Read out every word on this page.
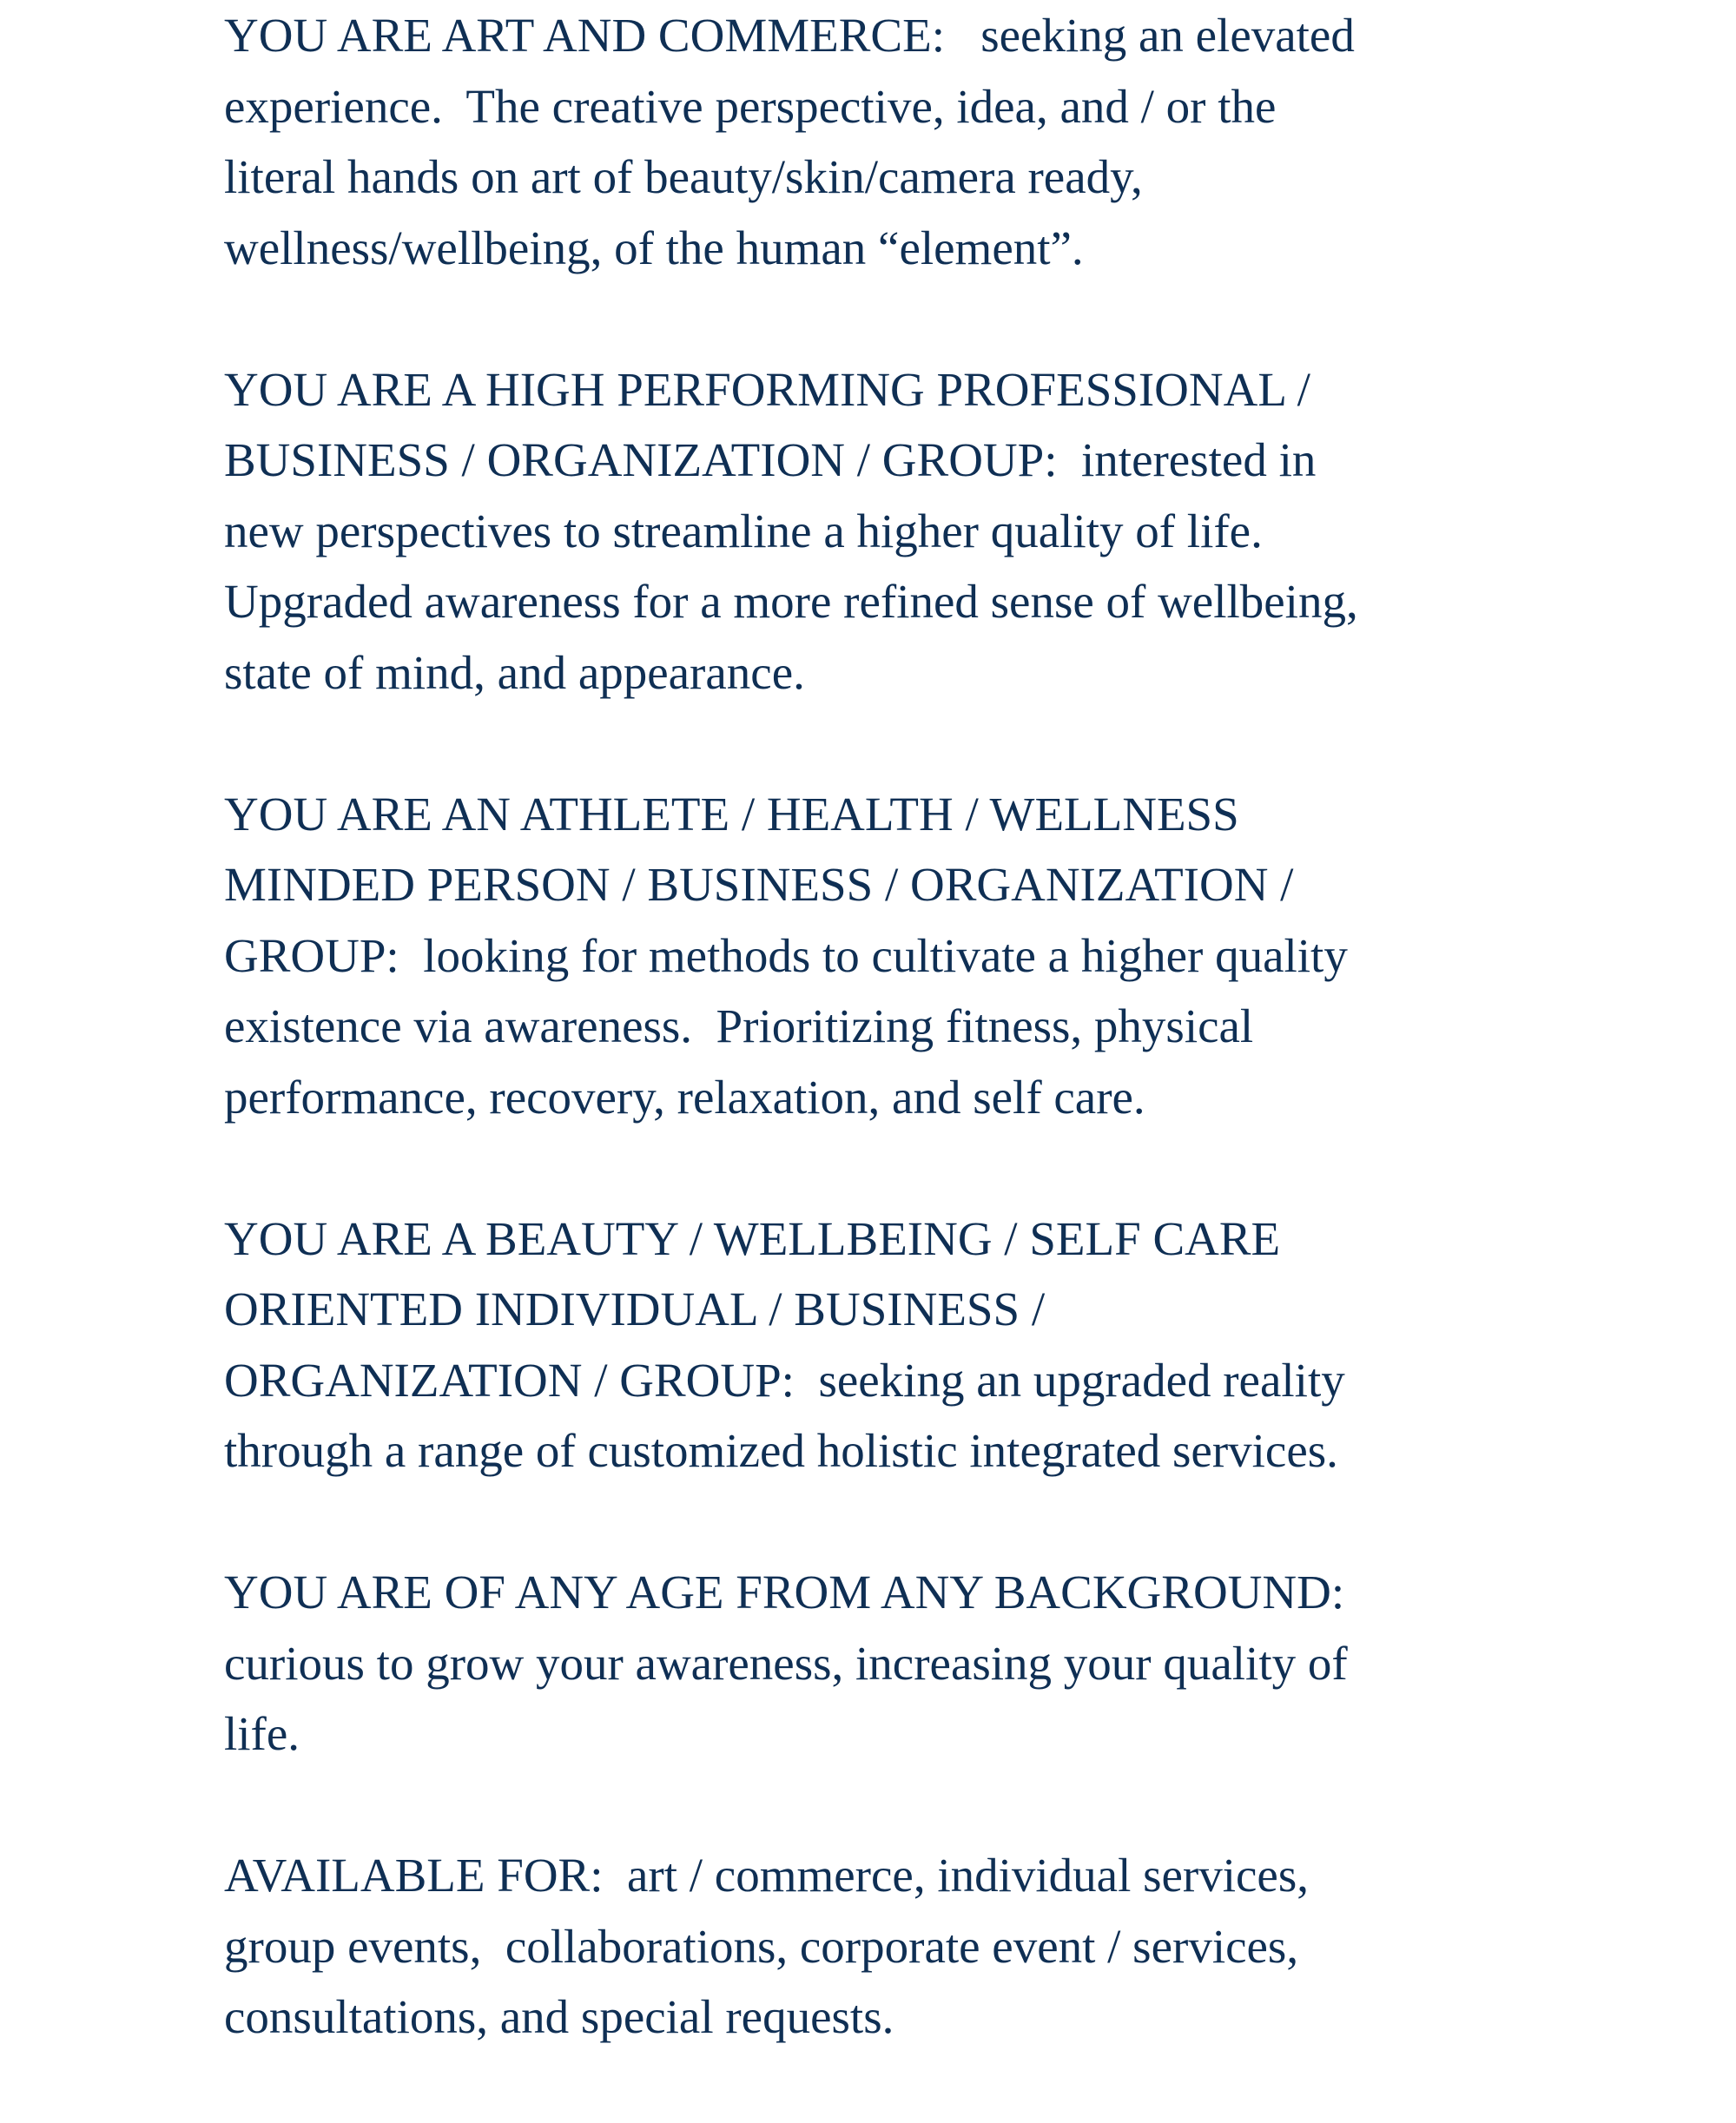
YOU ARE ART AND COMMERCE:   seeking an elevated
experience.  The creative perspective, idea, and / or the
literal hands on art of beauty/skin/camera ready,
wellness/wellbeing, of the human “element”.
YOU ARE A HIGH PERFORMING PROFESSIONAL /
BUSINESS / ORGANIZATION / GROUP:  interested in
new perspectives to streamline a higher quality of life.
Upgraded awareness for a more refined sense of wellbeing,
state of mind, and appearance.
YOU ARE AN ATHLETE / HEALTH / WELLNESS
MINDED PERSON / BUSINESS / ORGANIZATION /
GROUP:  looking for methods to cultivate a higher quality
existence via awareness.  Prioritizing fitness, physical
performance, recovery, relaxation, and self care.
YOU ARE A BEAUTY / WELLBEING / SELF CARE
ORIENTED INDIVIDUAL / BUSINESS /
ORGANIZATION / GROUP:  seeking an upgraded reality
through a range of customized holistic integrated services.
YOU ARE OF ANY AGE FROM ANY BACKGROUND:
curious to grow your awareness, increasing your quality of
life.
AVAILABLE FOR:  art / commerce, individual services,
group events,  collaborations, corporate event / services,
consultations, and special requests.
